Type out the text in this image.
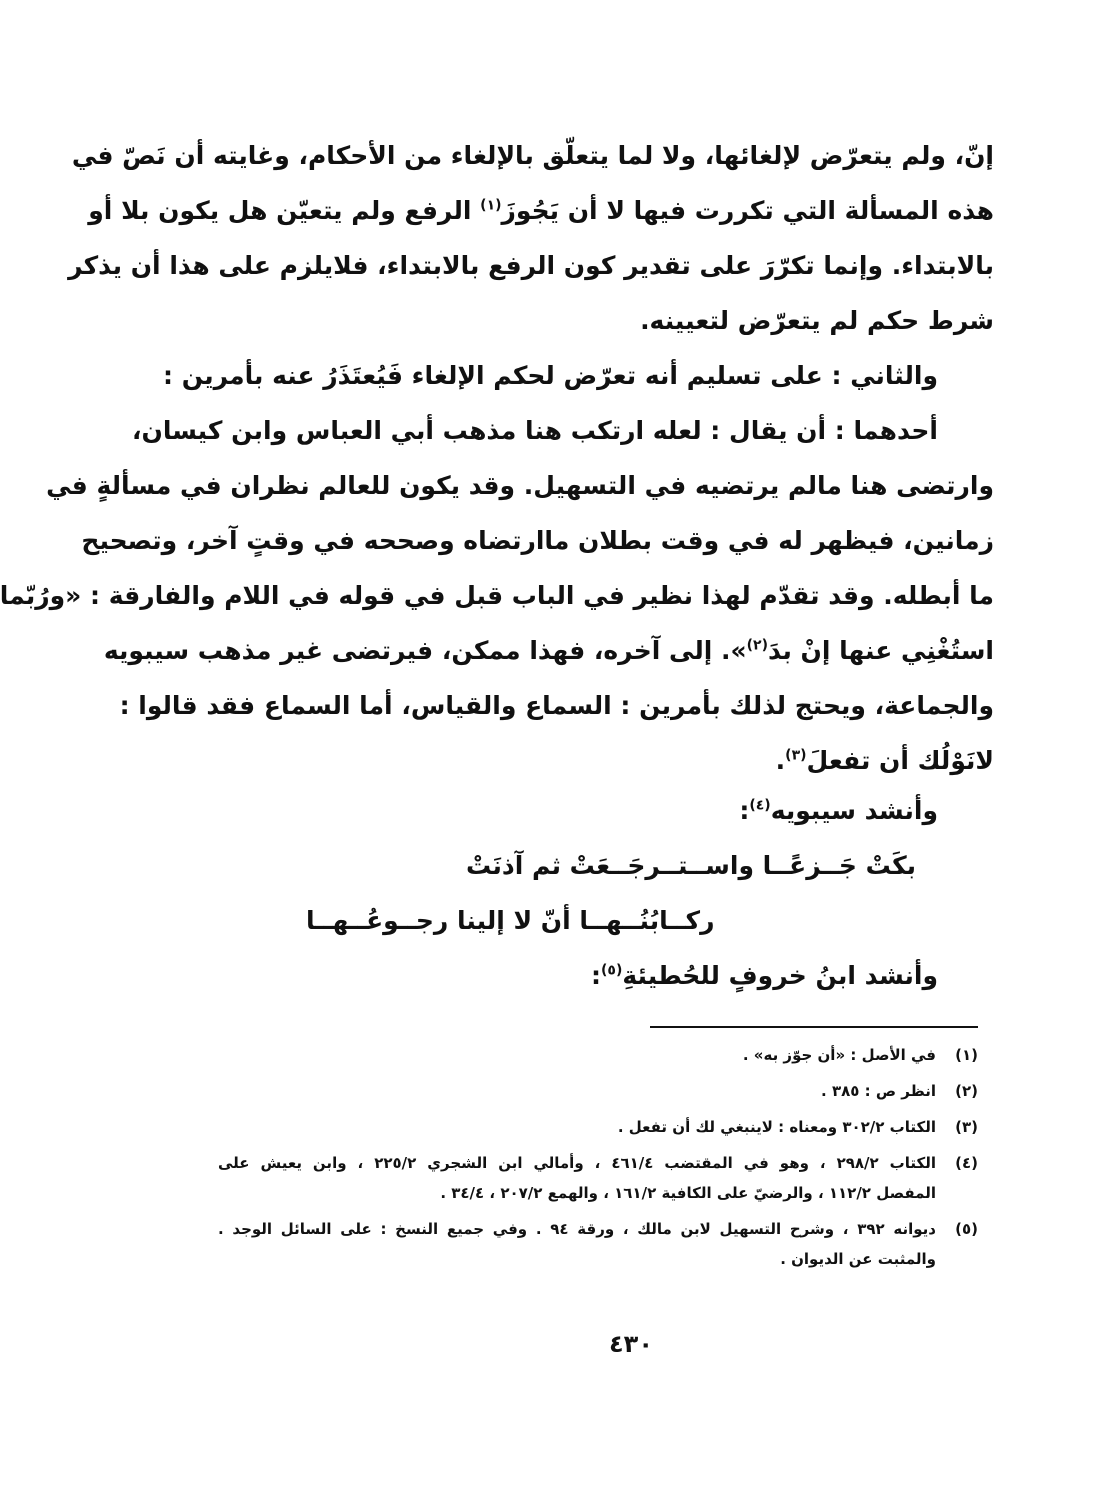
إنّ، ولم يتعرّض لإلغائها، ولا لما يتعلّق بالإلغاء من الأحكام، وغايته أن نَصّ في
هذه المسألة التي تكررت فيها لا أن يَجُوزَ$^{(١)}$ الرفع ولم يتعيّن هل يكون بلا أو
بالابتداء. وإنما تكرّرَ على تقدير كون الرفع بالابتداء، فلايلزم على هذا أن يذكر
شرط حكم لم يتعرّض لتعيينه.
والثاني : على تسليم أنه تعرّض لحكم الإلغاء فَيُعتَذَرُ عنه بأمرين :
أحدهما : أن يقال : لعله ارتكب هنا مذهب أبي العباس وابن كيسان،
وارتضى هنا مالم يرتضيه في التسهيل. وقد يكون للعالم نظران في مسألةٍ في
زمانين، فيظهر له في وقت بطلان ماارتضاه وصححه في وقتٍ آخر، وتصحيح
ما أبطله. وقد تقدّم لهذا نظير في الباب قبل في قوله في اللام والفارقة : «ورُبّما
استُغْنِي عنها إنْ بدَ$^{(٢)}$». إلى آخره، فهذا ممكن، فيرتضى غير مذهب سيبويه
والجماعة، ويحتج لذلك بأمرين : السماع والقياس، أما السماع فقد قالوا :
لانَوْلُك أن تفعلَ$^{(٣)}$.
وأنشد سيبويه$^{(٤)}$:
بكَتْ جَــزعًــا واســتــرجَــعَتْ ثم آذنَتْ
ركــابُنُــهــا أنّ لا إلينا رجــوعُــهــا
وأنشد ابنُ خروفٍ للحُطيئةِ$^{(٥)}$:
(١)
في الأصل : «أن جوّز به» .
(٢)
انظر ص : ٣٨٥ .
(٣)
الكتاب ٣٠٢/٢ ومعناه : لاينبغي لك أن تفعل .
(٤)
الكتاب ٢٩٨/٢ ، وهو في المقتضب ٤٦١/٤ ، وأمالي ابن الشجري ٢٢٥/٢ ، وابن يعيش على
المفصل ١١٢/٢ ، والرضيّ على الكافية ١٦١/٢ ، والهمع ٢٠٧/٢ ، ٣٤/٤ .
(٥)
ديوانه ٣٩٢ ، وشرح التسهيل لابن مالك ، ورقة ٩٤ . وفي جميع النسخ : على السائل الوجد .
والمثبت عن الديوان .
٤٣٠
